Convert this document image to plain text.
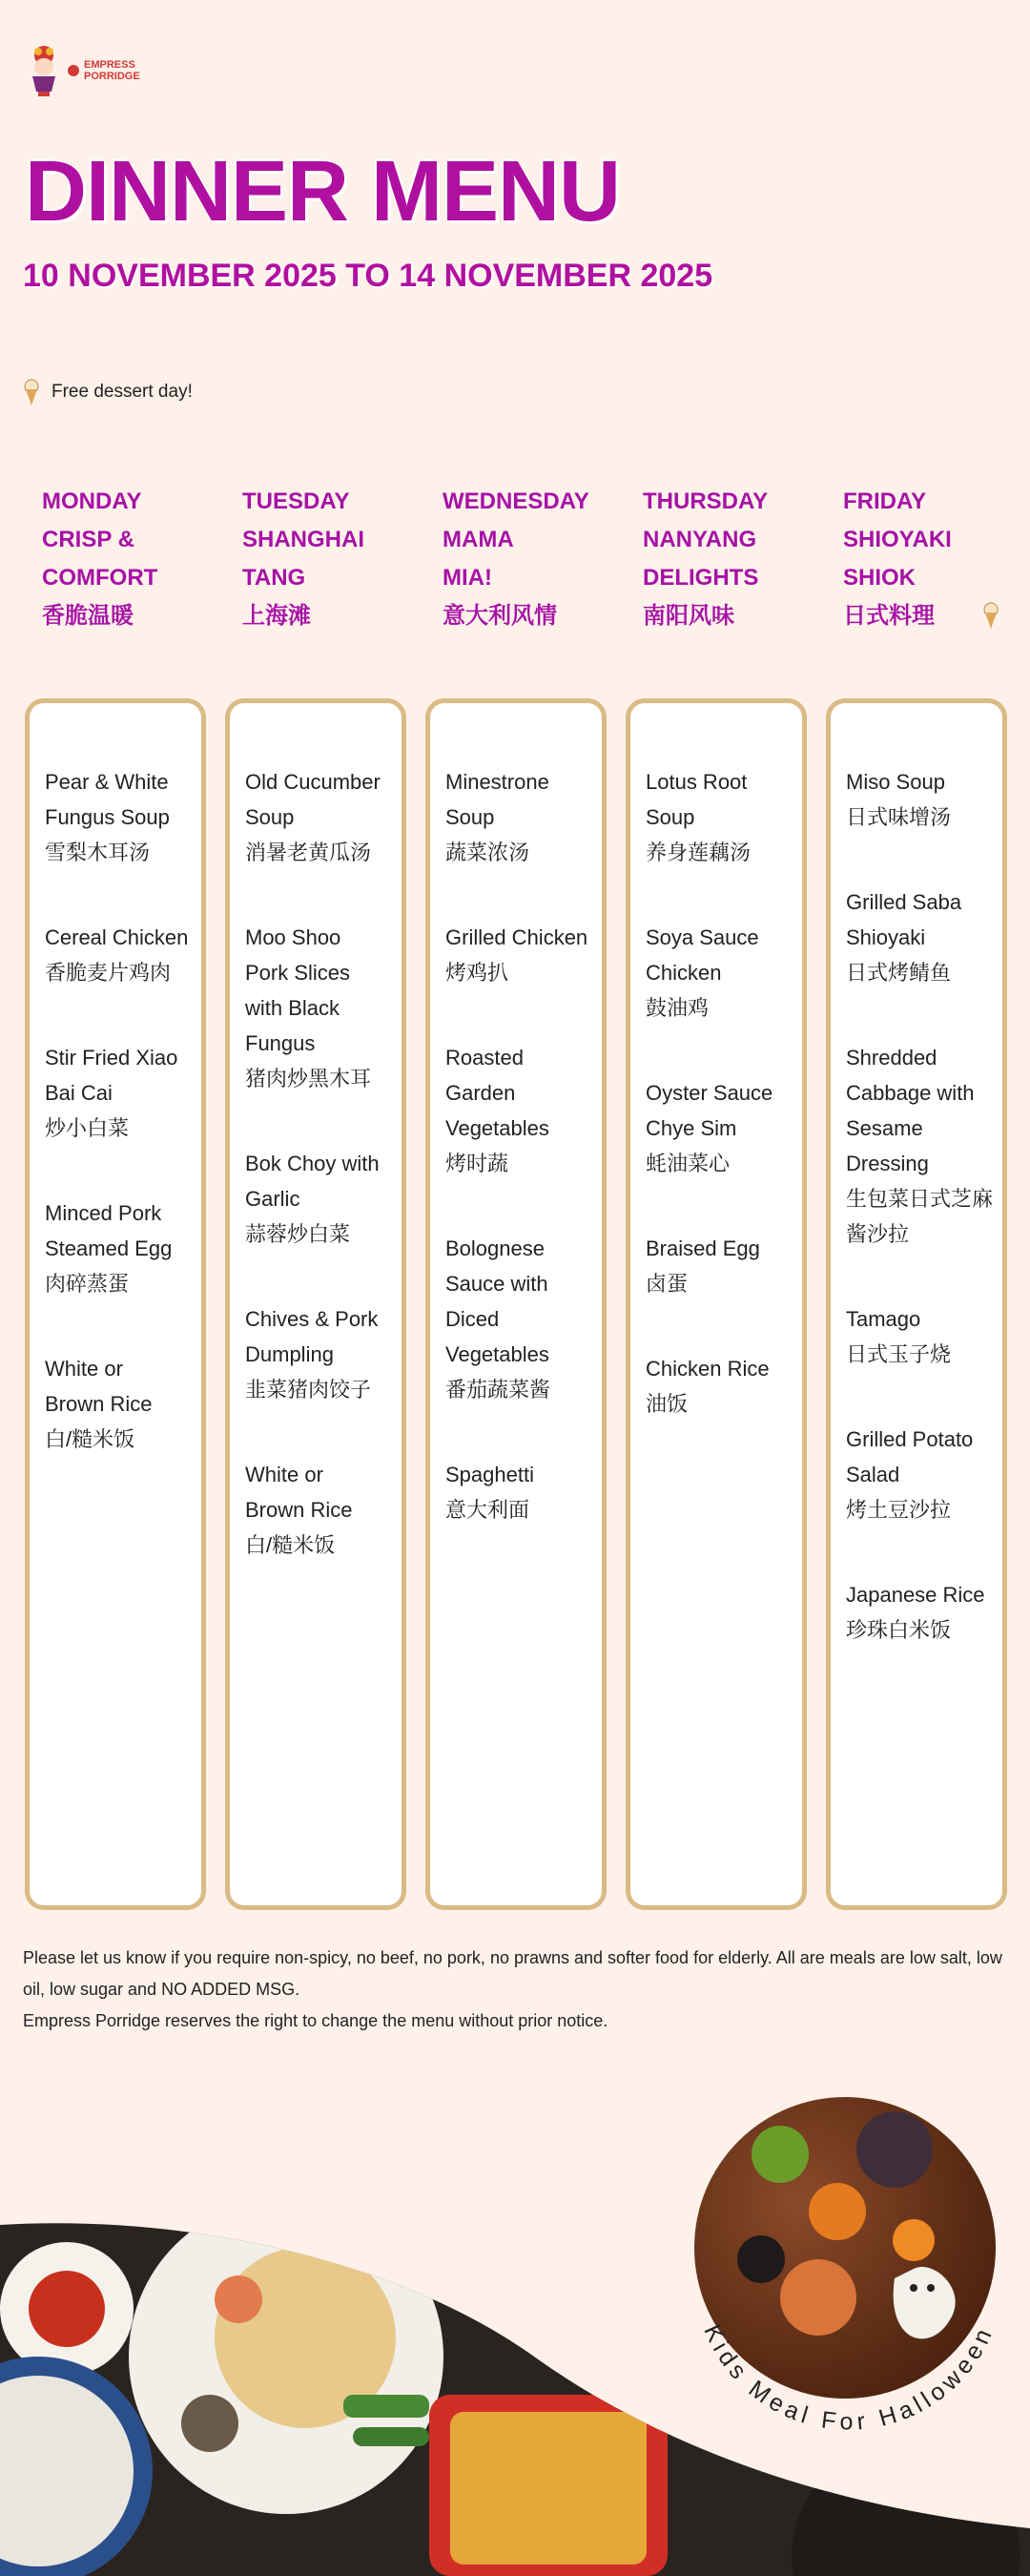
EMPRESS
PORRIDGE
DINNER MENU
10 NOVEMBER 2025 TO 14 NOVEMBER 2025
Free dessert day!
MONDAY
CRISP &
COMFORT
香脆温暖
TUESDAY
SHANGHAI
TANG
上海滩
WEDNESDAY
MAMA
MIA!
意大利风情
THURSDAY
NANYANG
DELIGHTS
南阳风味
FRIDAY
SHIOYAKI
SHIOK
日式料理
Pear & White
Fungus Soup
雪梨木耳汤
Cereal Chicken
香脆麦片鸡肉
Stir Fried Xiao
Bai Cai
炒小白菜
Minced Pork
Steamed Egg
肉碎蒸蛋
White or
Brown Rice
白/糙米饭
Old Cucumber
Soup
消暑老黄瓜汤
Moo Shoo
Pork Slices
with Black
Fungus
猪肉炒黑木耳
Bok Choy with
Garlic
蒜蓉炒白菜
Chives & Pork
Dumpling
韭菜猪肉饺子
White or
Brown Rice
白/糙米饭
Minestrone
Soup
蔬菜浓汤
Grilled Chicken
烤鸡扒
Roasted
Garden
Vegetables
烤时蔬
Bolognese
Sauce with
Diced
Vegetables
番茄蔬菜酱
Spaghetti
意大利面
Lotus Root
Soup
养身莲藕汤
Soya Sauce
Chicken
鼓油鸡
Oyster Sauce
Chye Sim
蚝油菜心
Braised Egg
卤蛋
Chicken Rice
油饭
Miso Soup
日式味增汤
Grilled Saba
Shioyaki
日式烤鲭鱼
Shredded
Cabbage with
Sesame
Dressing
生包菜日式芝麻酱沙拉
Tamago
日式玉子烧
Grilled Potato
Salad
烤土豆沙拉
Japanese Rice
珍珠白米饭
Please let us know if you require non-spicy, no beef, no pork, no prawns and softer food for elderly. All are meals are low salt, low oil, low sugar and NO ADDED MSG.
Empress Porridge reserves the right to change the menu without prior notice.
Kids Meal For Halloween
